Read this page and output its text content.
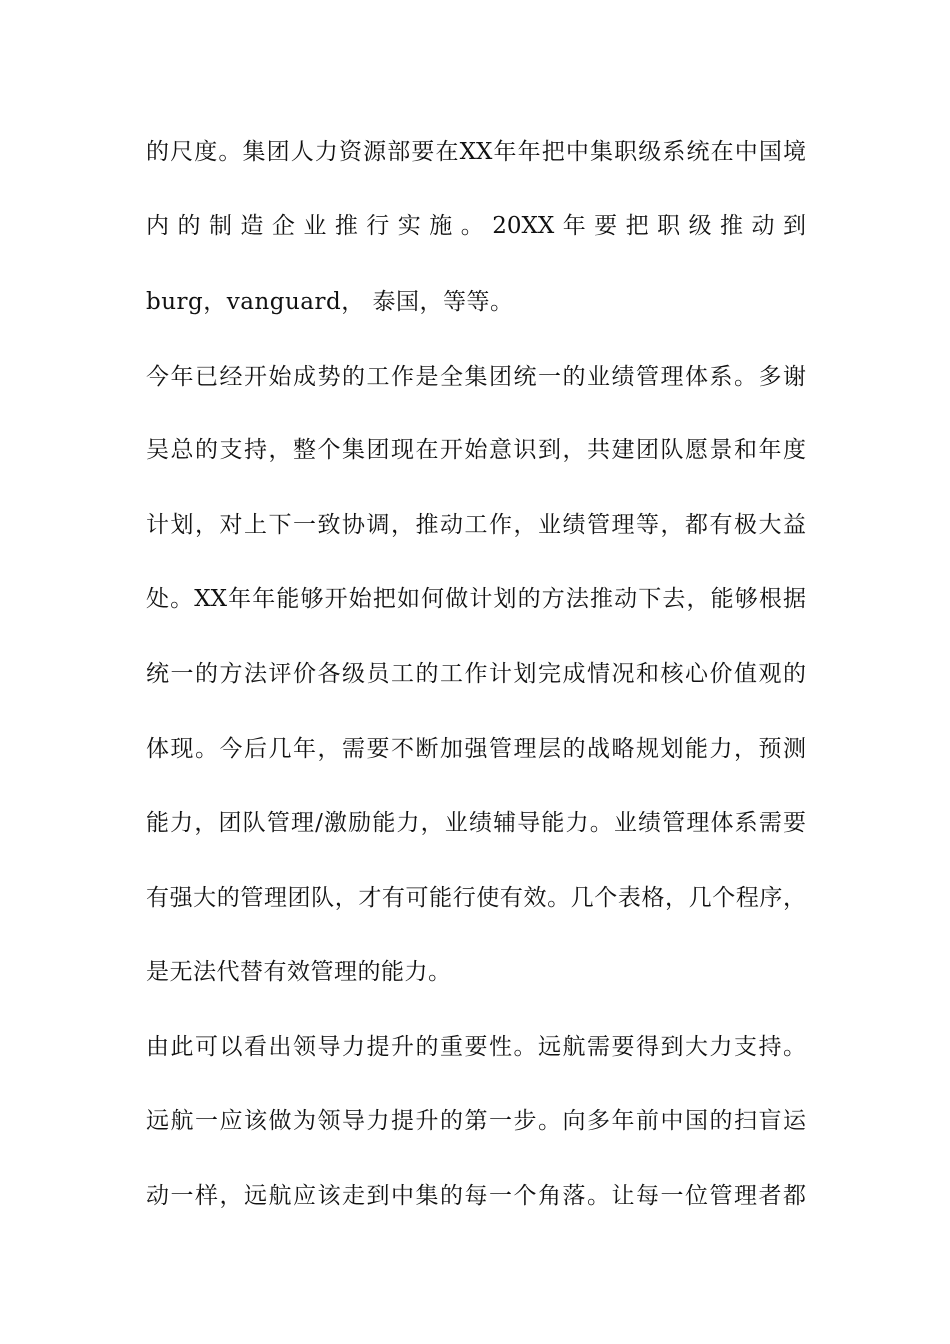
的尺度。集团人力资源部要在XX年年把中集职级系统在中国境
内的制造企业推行实施。20XX年要把职级推动到
burg，vanguard， 泰国，等等。
今年已经开始成势的工作是全集团统一的业绩管理体系。多谢
吴总的支持，整个集团现在开始意识到，共建团队愿景和年度
计划，对上下一致协调，推动工作，业绩管理等，都有极大益
处。XX年年能够开始把如何做计划的方法推动下去，能够根据
统一的方法评价各级员工的工作计划完成情况和核心价值观的
体现。今后几年，需要不断加强管理层的战略规划能力，预测
能力，团队管理/激励能力，业绩辅导能力。业绩管理体系需要
有强大的管理团队，才有可能行使有效。几个表格，几个程序，
是无法代替有效管理的能力。
由此可以看出领导力提升的重要性。远航需要得到大力支持。
远航一应该做为领导力提升的第一步。向多年前中国的扫盲运
动一样，远航应该走到中集的每一个角落。让每一位管理者都
